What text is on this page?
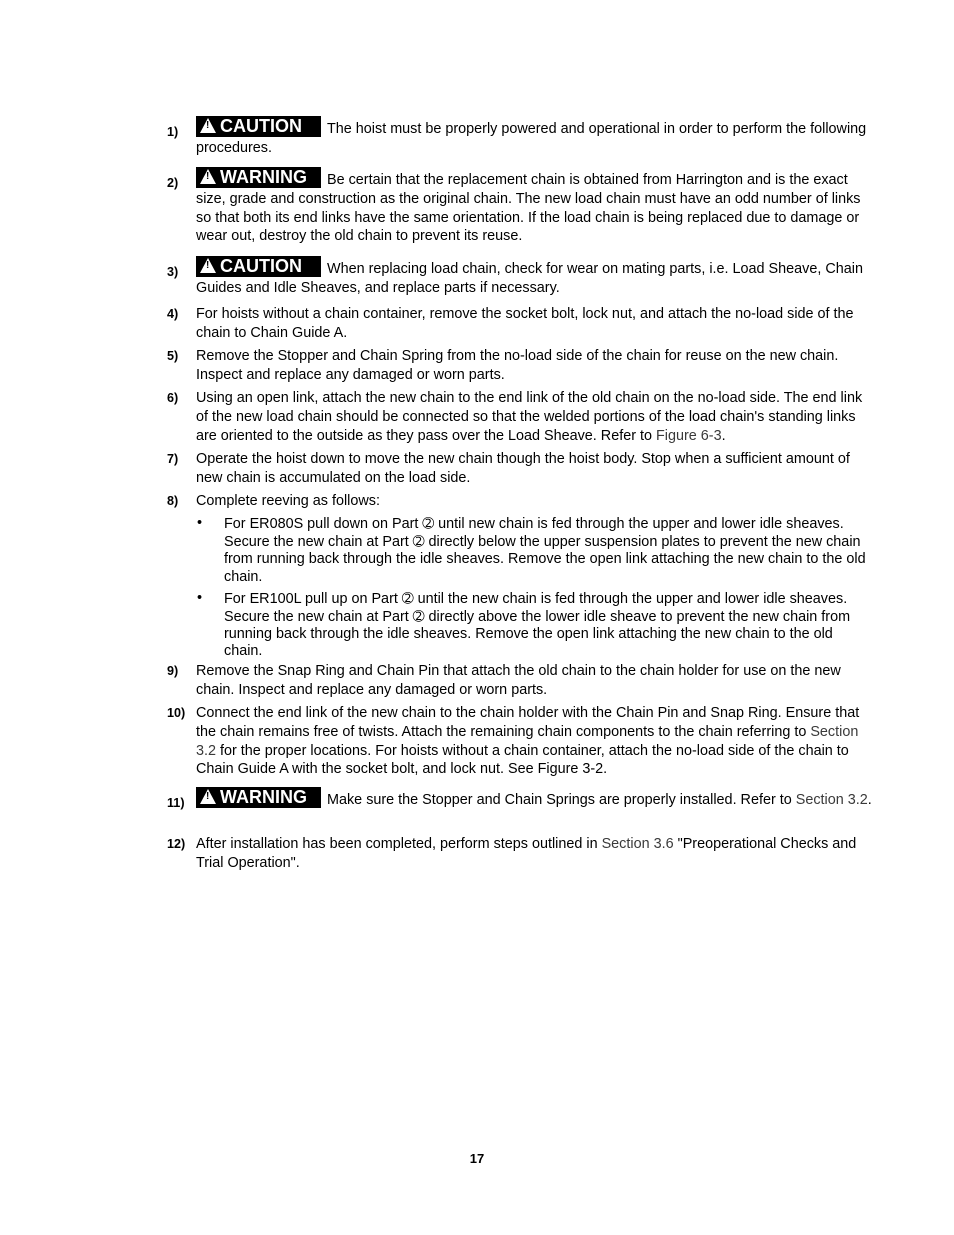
1) !	CAUTION The hoist must be properly powered and operational in order to perform the following procedures.
2) !	WARNING Be certain that the replacement chain is obtained from Harrington and is the exact size, grade and construction as the original chain. The new load chain must have an odd number of links so that both its end links have the same orientation. If the load chain is being replaced due to damage or wear out, destroy the old chain to prevent its reuse.
3) !	CAUTION When replacing load chain, check for wear on mating parts, i.e. Load Sheave, Chain Guides and Idle Sheaves, and replace parts if necessary.
4) For hoists without a chain container, remove the socket bolt, lock nut, and attach the no-load side of the chain to Chain Guide A.
5) Remove the Stopper and Chain Spring from the no-load side of the chain for reuse on the new chain. Inspect and replace any damaged or worn parts.
6) Using an open link, attach the new chain to the end link of the old chain on the no-load side. The end link of the new load chain should be connected so that the welded portions of the load chain's standing links are oriented to the outside as they pass over the Load Sheave. Refer to Figure 6-3.
7) Operate the hoist down to move the new chain though the hoist body. Stop when a sufficient amount of new chain is accumulated on the load side.
8) Complete reeving as follows:
• For ER080S pull down on Part ➁ until new chain is fed through the upper and lower idle sheaves. Secure the new chain at Part ➁ directly below the upper suspension plates to prevent the new chain from running back through the idle sheaves. Remove the open link attaching the new chain to the old chain.
• For ER100L pull up on Part ➁ until the new chain is fed through the upper and lower idle sheaves. Secure the new chain at Part ➁ directly above the lower idle sheave to prevent the new chain from running back through the idle sheaves. Remove the open link attaching the new chain to the old chain.
9) Remove the Snap Ring and Chain Pin that attach the old chain to the chain holder for use on the new chain. Inspect and replace any damaged or worn parts.
10) Connect the end link of the new chain to the chain holder with the Chain Pin and Snap Ring. Ensure that the chain remains free of twists. Attach the remaining chain components to the chain referring to Section 3.2 for the proper locations. For hoists without a chain container, attach the no-load side of the chain to Chain Guide A with the socket bolt, and lock nut. See Figure 3-2.
11) !	WARNING Make sure the Stopper and Chain Springs are properly installed. Refer to Section 3.2.
12) After installation has been completed, perform steps outlined in Section 3.6 "Preoperational Checks and Trial Operation".
17
